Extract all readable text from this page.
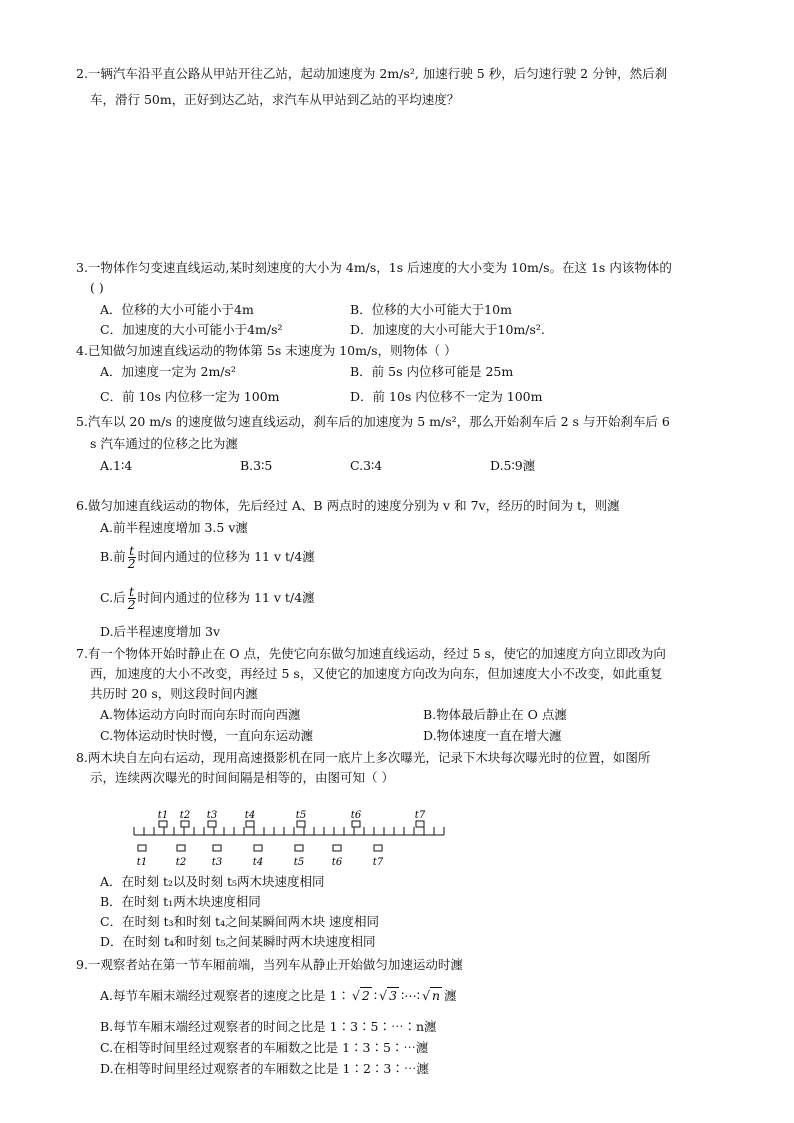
2.一辆汽车沿平直公路从甲站开往乙站，起动加速度为 2m/s², 加速行驶 5 秒，后匀速行驶 2 分钟，然后刹
车，滑行 50m，正好到达乙站，求汽车从甲站到乙站的平均速度？
3.一物体作匀变速直线运动,某时刻速度的大小为 4m/s，1s 后速度的大小变为 10m/s。在这 1s 内该物体的
( )
A．位移的大小可能小于4m	B．位移的大小可能大于10m
C．加速度的大小可能小于4m/s²	D．加速度的大小可能大于10m/s².
4.已知做匀加速直线运动的物体第 5s 末速度为 10m/s，则物体（ ）
A．加速度一定为 2m/s²	B．前 5s 内位移可能是 25m
C．前 10s 内位移一定为 100m	D．前 10s 内位移不一定为 100m
5.汽车以 20 m/s 的速度做匀速直线运动，刹车后的加速度为 5 m/s²，那么开始刹车后 2 s 与开始刹车后 6
s 汽车通过的位移之比为瀍
A.1∶4	B.3∶5	C.3∶4	D.5∶9瀍
6.做匀加速直线运动的物体，先后经过 A、B 两点时的速度分别为 v 和 7v，经历的时间为 t，则瀍
A.前半程速度增加 3.5 v瀍
B.前 $\frac{t}{2}$ 时间内通过的位移为 11 v t/4瀍
C.后 $\frac{t}{2}$ 时间内通过的位移为 11 v t/4瀍
D.后半程速度增加 3v
7.有一个物体开始时静止在 O 点，先使它向东做匀加速直线运动，经过 5 s，使它的加速度方向立即改为向
西，加速度的大小不改变，再经过 5 s，又使它的加速度方向改为向东，但加速度大小不改变，如此重复
共历时 20 s，则这段时间内瀍
A.物体运动方向时而向东时而向西瀍	B.物体最后静止在 O 点瀍
C.物体运动时快时慢，一直向东运动瀍	D.物体速度一直在增大瀍
8.两木块自左向右运动，现用高速摄影机在同一底片上多次曝光，记录下木块每次曝光时的位置，如图所
示，连续两次曝光的时间间隔是相等的，由图可知（ ）
t1 t2 t3	t4	t5	t6	t7
t1	t2	t3	t4	t5	t6	t7
A．在时刻 t₂以及时刻 t₅两木块速度相同
B．在时刻 t₁两木块速度相同
C．在时刻 t₃和时刻 t₄之间某瞬间两木块 速度相同
D．在时刻 t₄和时刻 t₅之间某瞬时两木块速度相同
9.一观察者站在第一节车厢前端，当列车从静止开始做匀加速运动时瀍
A.每节车厢末端经过观察者的速度之比是 1∶ √ 2 ∶ √ 3 ∶⋯∶ √ n 瀍
B.每节车厢末端经过观察者的时间之比是 1∶3∶5∶⋯∶n瀍
C.在相等时间里经过观察者的车厢数之比是 1∶3∶5∶⋯瀍
D.在相等时间里经过观察者的车厢数之比是 1∶2∶3∶⋯瀍
